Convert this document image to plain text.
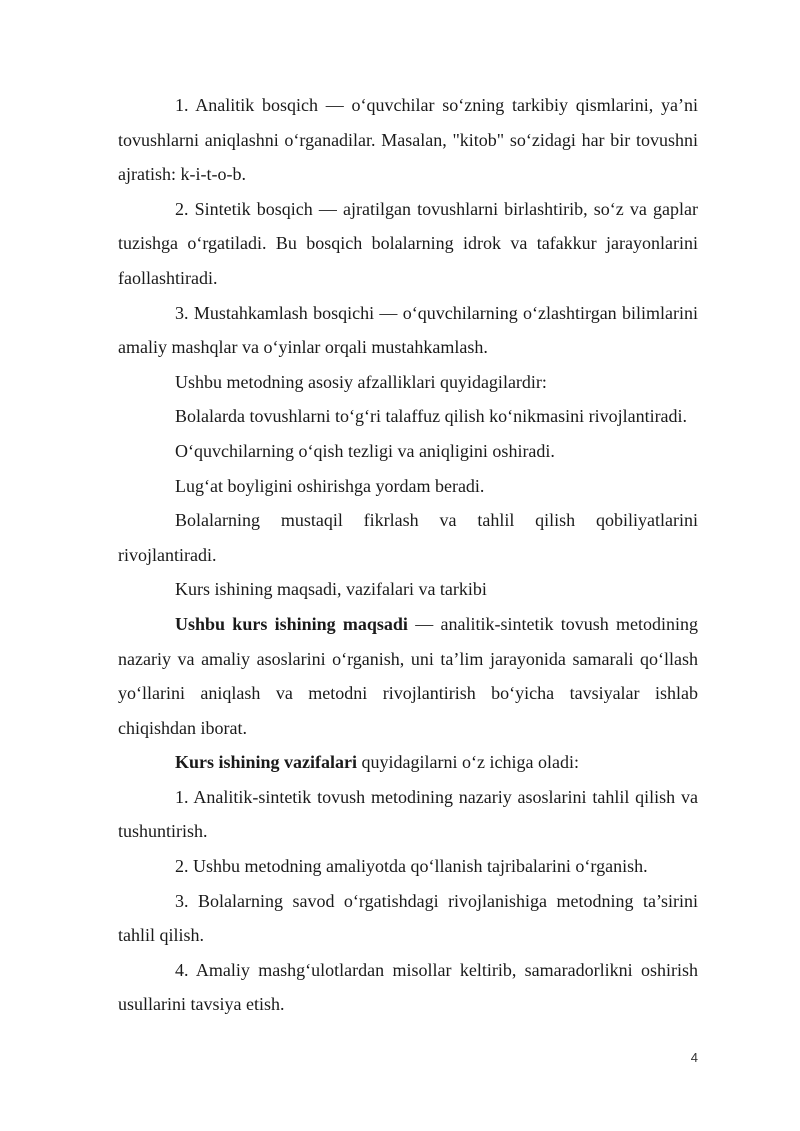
1. Analitik bosqich — o‘quvchilar so‘zning tarkibiy qismlarini, ya’ni tovushlarni aniqlashni o‘rganadilar. Masalan, "kitob" so‘zidagi har bir tovushni ajratish: k-i-t-o-b.

2. Sintetik bosqich — ajratilgan tovushlarni birlashtirib, so‘z va gaplar tuzishga o‘rgatiladi. Bu bosqich bolalarning idrok va tafakkur jarayonlarini faollashtiradi.

3. Mustahkamlash bosqichi — o‘quvchilarning o‘zlashtirgan bilimlarini amaliy mashqlar va o‘yinlar orqali mustahkamlash.

Ushbu metodning asosiy afzalliklari quyidagilardir:

Bolalarda tovushlarni to‘g‘ri talaffuz qilish ko‘nikmasini rivojlantiradi.

O‘quvchilarning o‘qish tezligi va aniqligini oshiradi.

Lug‘at boyligini oshirishga yordam beradi.

Bolalarning mustaqil fikrlash va tahlil qilish qobiliyatlarini rivojlantiradi.

Kurs ishining maqsadi, vazifalari va tarkibi

Ushbu kurs ishining maqsadi — analitik-sintetik tovush metodining nazariy va amaliy asoslarini o‘rganish, uni ta’lim jarayonida samarali qo‘llash yo‘llarini aniqlash va metodni rivojlantirish bo‘yicha tavsiyalar ishlab chiqishdan iborat.

Kurs ishining vazifalari quyidagilarni o‘z ichiga oladi:

1. Analitik-sintetik tovush metodining nazariy asoslarini tahlil qilish va tushuntirish.

2. Ushbu metodning amaliyotda qo‘llanish tajribalarini o‘rganish.

3. Bolalarning savod o‘rgatishdagi rivojlanishiga metodning ta’sirini tahlil qilish.

4. Amaliy mashg‘ulotlardan misollar keltirib, samaradorlikni oshirish usullarini tavsiya etish.

4
